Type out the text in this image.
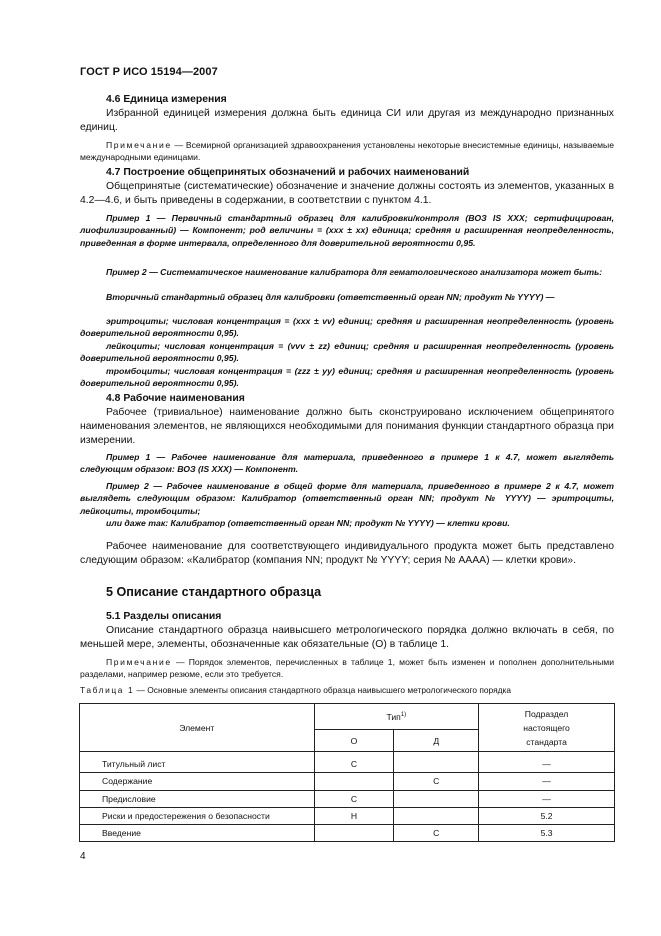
ГОСТ Р ИСО 15194—2007
4.6 Единица измерения
Избранной единицей измерения должна быть единица СИ или другая из международно признанных единиц.
Примечание — Всемирной организацией здравоохранения установлены некоторые внесистемные единицы, называемые международными единицами.
4.7 Построение общепринятых обозначений и рабочих наименований
Общепринятые (систематические) обозначение и значение должны состоять из элементов, указанных в 4.2—4.6, и быть приведены в содержании, в соответствии с пунктом 4.1.
Пример 1 — Первичный стандартный образец для калибровки/контроля (ВОЗ IS XXX; сертифицирован, лиофилизированный) — Компонент; род величины = (xxx ± xx) единица; средняя и расширенная неопределенность, приведенная в форме интервала, определенного для доверительной вероятности 0,95.
Пример 2 — Систематическое наименование калибратора для гематологического анализатора может быть:
Вторичный стандартный образец для калибровки (ответственный орган NN; продукт № YYYY) —
эритроциты; числовая концентрация = (xxx ± vv) единиц; средняя и расширенная неопределенность (уровень доверительной вероятности 0,95).
лейкоциты; числовая концентрация = (vvv ± zz) единиц; средняя и расширенная неопределенность (уровень доверительной вероятности 0,95).
тромбоциты; числовая концентрация = (zzz ± yy) единиц; средняя и расширенная неопределенность (уровень доверительной вероятности 0,95).
4.8 Рабочие наименования
Рабочее (тривиальное) наименование должно быть сконструировано исключением общепринятого наименования элементов, не являющихся необходимыми для понимания функции стандартного образца при измерении.
Пример 1 — Рабочее наименование для материала, приведенного в примере 1 к 4.7, может выглядеть следующим образом: ВОЗ (IS XXX) — Компонент.
Пример 2 — Рабочее наименование в общей форме для материала, приведенного в примере 2 к 4.7, может выглядеть следующим образом: Калибратор (ответственный орган NN; продукт № YYYY) — эритроциты, лейкоциты, тромбоциты;
или даже так: Калибратор (ответственный орган NN; продукт № YYYY) — клетки крови.
Рабочее наименование для соответствующего индивидуального продукта может быть представлено следующим образом: «Калибратор (компания NN; продукт № YYYY; серия № AAAA) — клетки крови».
5 Описание стандартного образца
5.1 Разделы описания
Описание стандартного образца наивысшего метрологического порядка должно включать в себя, по меньшей мере, элементы, обозначенные как обязательные (О) в таблице 1.
Примечание — Порядок элементов, перечисленных в таблице 1, может быть изменен и пополнен дополнительными разделами, например резюме, если это требуется.
Таблица 1 — Основные элементы описания стандартного образца наивысшего метрологического порядка
Элемент	Тип$^{1)}$		Подраздел настоящего стандарта
	О	Д	

Титульный лист	С		—
Содержание		С	—
Предисловие	С		—
Риски и предостережения о безопасности	Н		5.2
Введение		С	5.3
4
